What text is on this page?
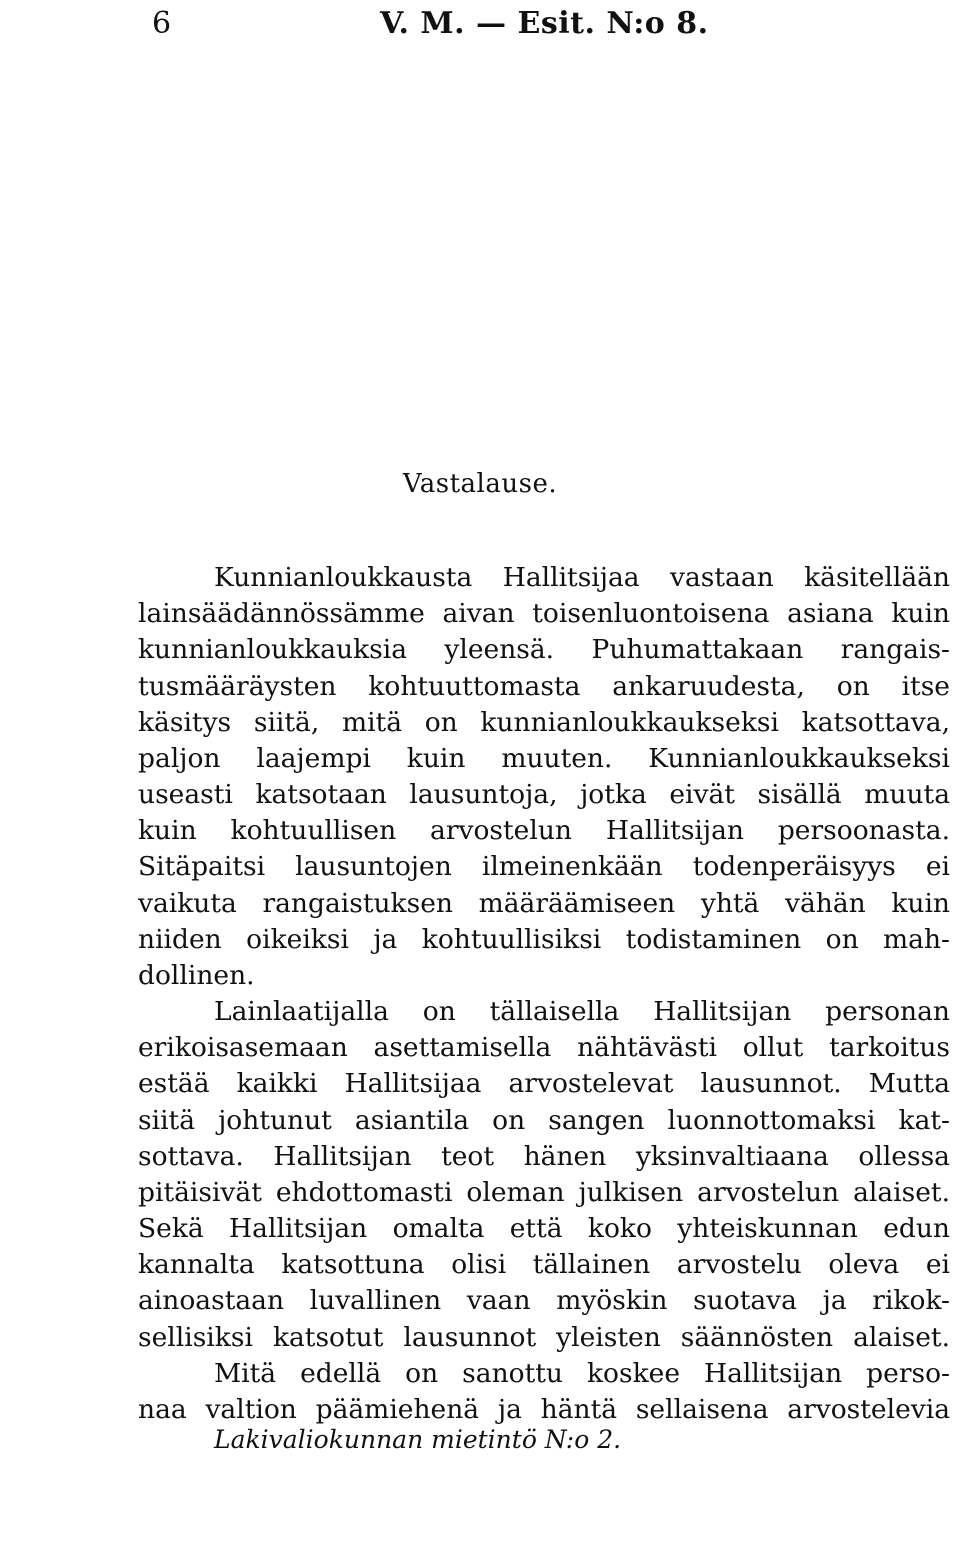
6	V. M. — Esit. N:o 8.
Vastalause.
Kunnianloukkausta Hallitsijaa vastaan käsitellään
lainsäädännössämme aivan toisenluontoisena asiana kuin
kunnianloukkauksia yleensä. Puhumattakaan rangais-
tusmääräysten kohtuuttomasta ankaruudesta, on itse
käsitys siitä, mitä on kunnianloukkaukseksi katsottava,
paljon laajempi kuin muuten. Kunnianloukkaukseksi
useasti katsotaan lausuntoja, jotka eivät sisällä muuta
kuin kohtuullisen arvostelun Hallitsijan persoonasta.
Sitäpaitsi lausuntojen ilmeinenkään todenperäisyys ei
vaikuta rangaistuksen määräämiseen yhtä vähän kuin
niiden oikeiksi ja kohtuullisiksi todistaminen on mah-
dollinen.
Lainlaatijalla on tällaisella Hallitsijan personan
erikoisasemaan asettamisella nähtävästi ollut tarkoitus
estää kaikki Hallitsijaa arvostelevat lausunnot. Mutta
siitä johtunut asiantila on sangen luonnottomaksi kat-
sottava. Hallitsijan teot hänen yksinvaltiaana ollessa
pitäisivät ehdottomasti oleman julkisen arvostelun alaiset.
Sekä Hallitsijan omalta että koko yhteiskunnan edun
kannalta katsottuna olisi tällainen arvostelu oleva ei
ainoastaan luvallinen vaan myöskin suotava ja rikok-
sellisiksi katsotut lausunnot yleisten säännösten alaiset.
Mitä edellä on sanottu koskee Hallitsijan perso-
naa valtion päämiehenä ja häntä sellaisena arvostelevia
Lakivaliokunnan mietintö N:o 2.
